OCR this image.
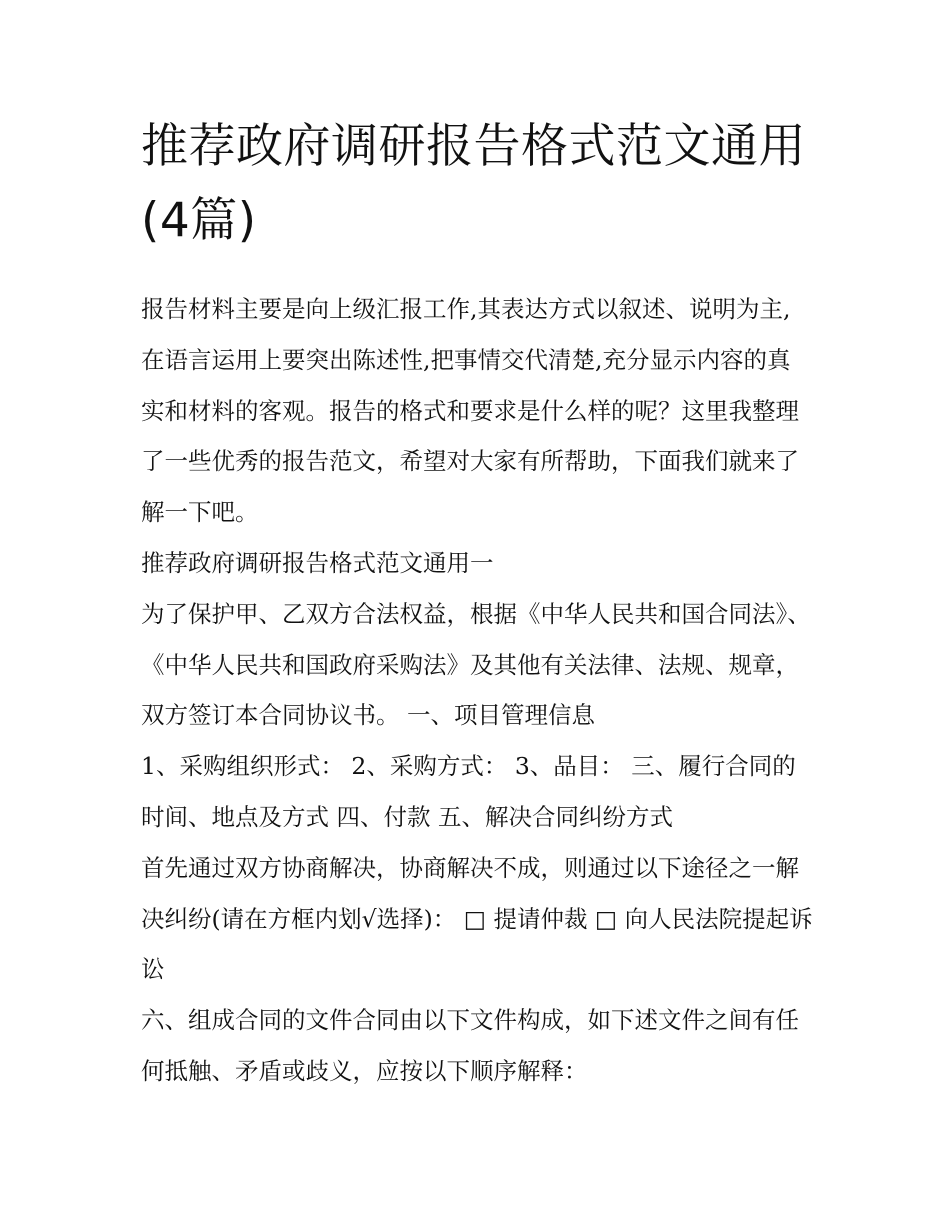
推荐政府调研报告格式范文通用(4篇)

报告材料主要是向上级汇报工作,其表达方式以叙述、说明为主,在语言运用上要突出陈述性,把事情交代清楚,充分显示内容的真实和材料的客观。报告的格式和要求是什么样的呢？这里我整理了一些优秀的报告范文，希望对大家有所帮助，下面我们就来了解一下吧。

推荐政府调研报告格式范文通用一

为了保护甲、乙双方合法权益，根据《中华人民共和国合同法》、《中华人民共和国政府采购法》及其他有关法律、法规、规章，双方签订本合同协议书。 一、项目管理信息

1、采购组织形式： 2、采购方式： 3、品目： 三、履行合同的时间、地点及方式 四、付款 五、解决合同纠纷方式

首先通过双方协商解决，协商解决不成，则通过以下途径之一解决纠纷(请在方框内划√选择)： □ 提请仲裁 □ 向人民法院提起诉讼

六、组成合同的文件合同由以下文件构成，如下述文件之间有任何抵触、矛盾或歧义，应按以下顺序解释：
